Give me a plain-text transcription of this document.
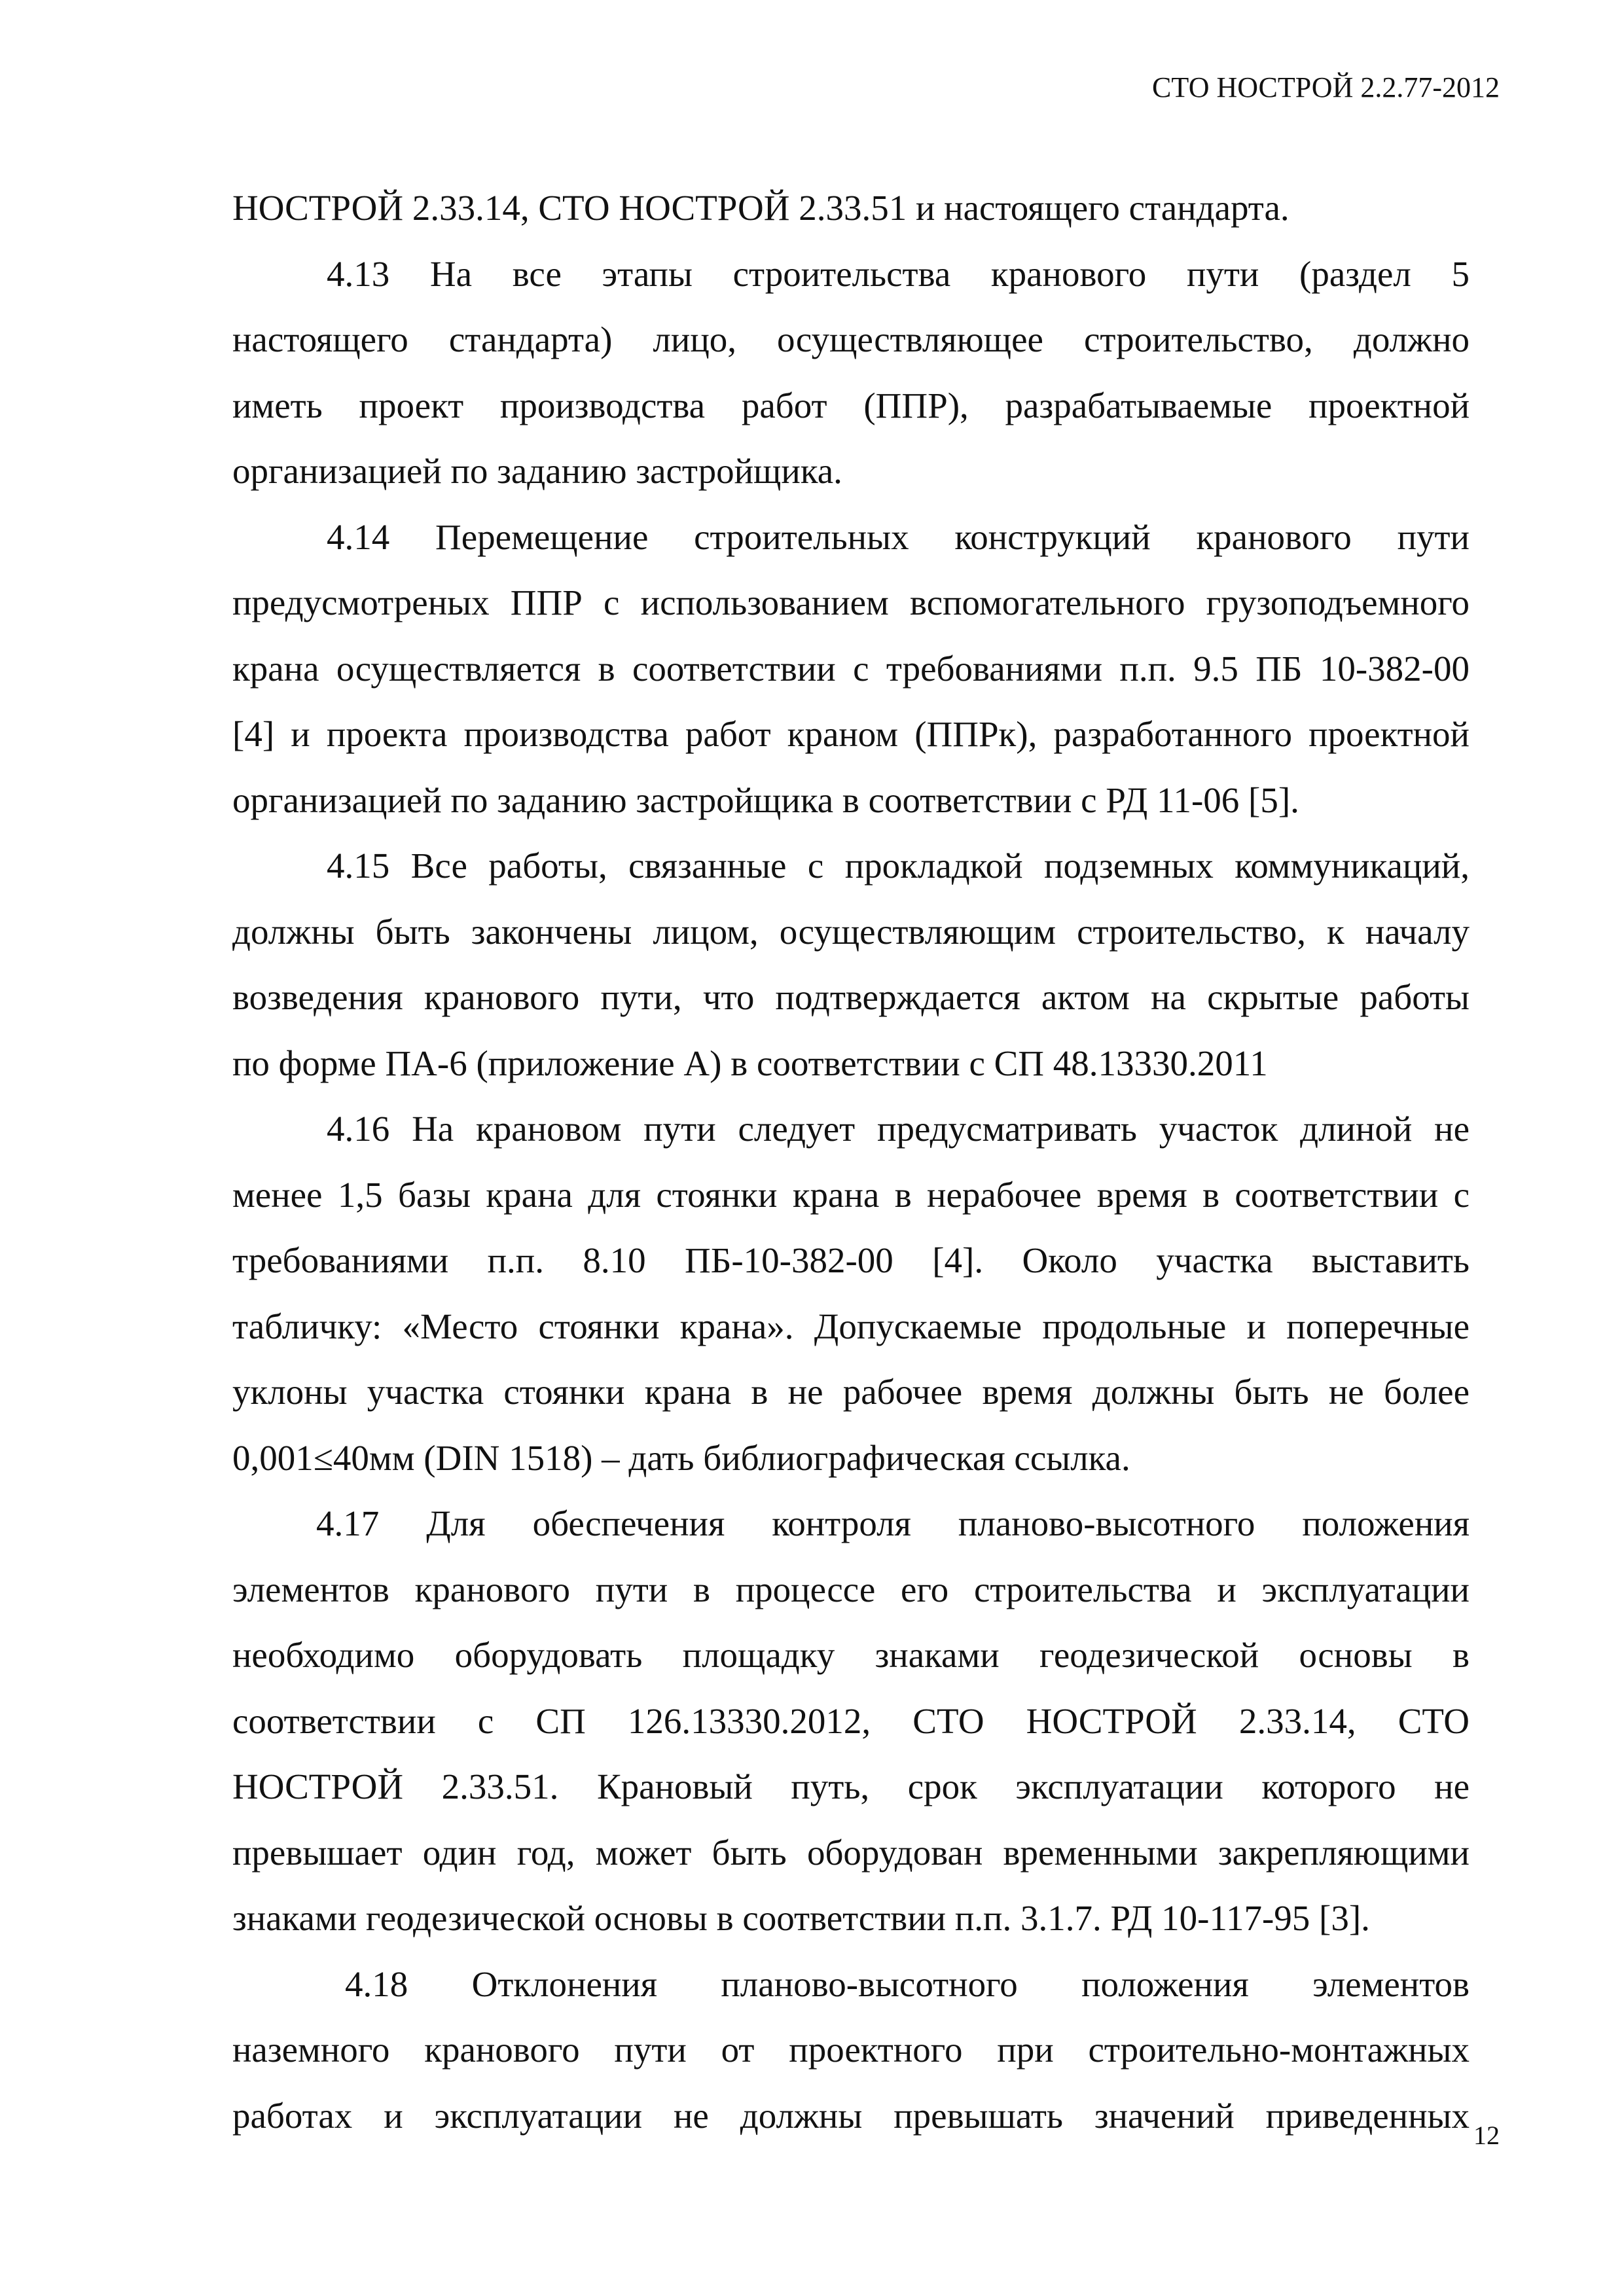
СТО НОСТРОЙ 2.2.77-2012
НОСТРОЙ 2.33.14, СТО НОСТРОЙ 2.33.51 и настоящего стандарта.
4.13 На все этапы строительства кранового пути (раздел 5
настоящего стандарта) лицо, осуществляющее строительство, должно
иметь проект производства работ (ППР), разрабатываемые проектной
организацией по заданию застройщика.
4.14 Перемещение строительных конструкций кранового пути
предусмотреных ППР с использованием вспомогательного грузоподъемного
крана осуществляется в соответствии с требованиями п.п. 9.5 ПБ 10-382-00
[4] и проекта производства работ краном (ППРк), разработанного проектной
организацией по заданию застройщика в соответствии с РД 11-06 [5].
4.15 Все работы, связанные с прокладкой подземных коммуникаций,
должны быть закончены лицом, осуществляющим строительство, к началу
возведения кранового пути, что подтверждается актом на скрытые работы
по форме ПА-6 (приложение А) в соответствии с СП 48.13330.2011
4.16 На крановом пути следует предусматривать участок длиной не
менее 1,5 базы крана для стоянки крана в нерабочее время в соответствии с
требованиями п.п. 8.10 ПБ-10-382-00 [4]. Около участка выставить
табличку: «Место стоянки крана». Допускаемые продольные и поперечные
уклоны участка стоянки крана в не рабочее время должны быть не более
0,001≤40мм (DIN 1518) – дать библиографическая ссылка.
4.17 Для обеспечения контроля планово-высотного положения
элементов кранового пути в процессе его строительства и эксплуатации
необходимо оборудовать площадку знаками геодезической основы в
соответствии с СП 126.13330.2012, СТО НОСТРОЙ 2.33.14, СТО
НОСТРОЙ 2.33.51. Крановый путь, срок эксплуатации которого не
превышает один год, может быть оборудован временными закрепляющими
знаками геодезической основы в соответствии п.п. 3.1.7. РД 10-117-95 [3].
4.18 Отклонения планово-высотного положения элементов
наземного кранового пути от проектного при строительно-монтажных
работах и эксплуатации не должны превышать значений приведенных 12
